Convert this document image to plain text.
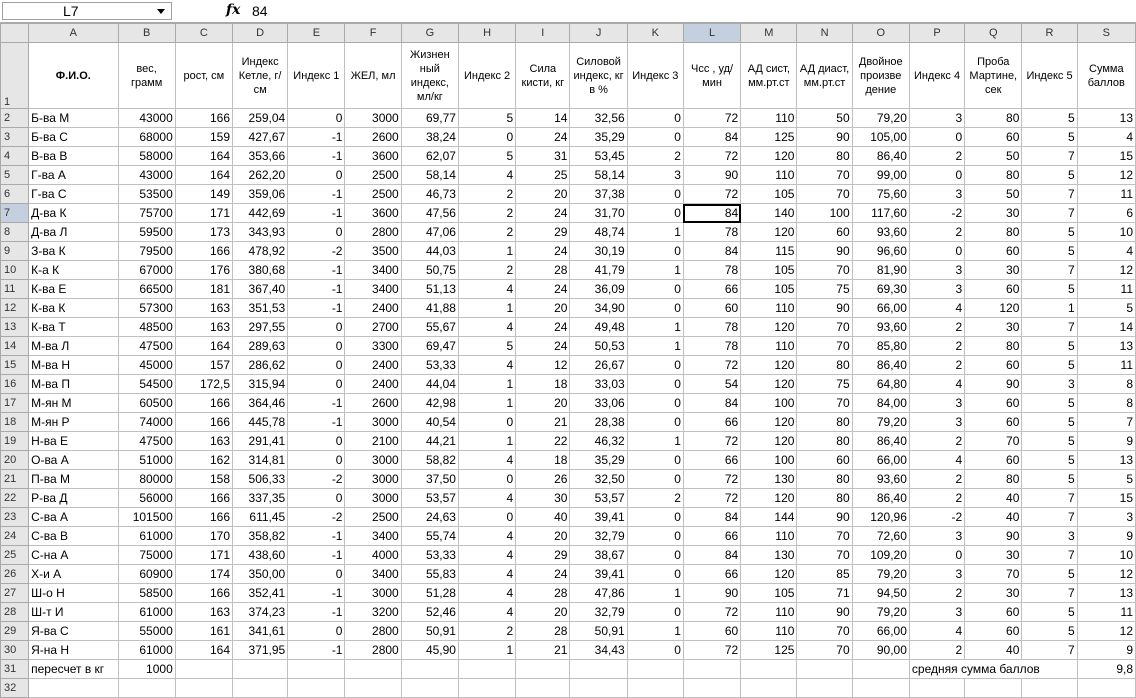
L7	fx 84
	A	B	C	D	E	F	G	H	I	J	K	L	M	N	O	P	Q	R	S
1	Ф.И.О.	вес, грамм	рост, см	Индекс Кетле, г/см	Индекс 1	ЖЕЛ, мл	Жизнен ный индекс, мл/кг	Индекс 2	Сила кисти, кг	Силовой индекс, кг в %	Индекс 3	Чсс , уд/мин	АД сист, мм.рт.ст	АД диаст, мм.рт.ст	Двойное произве дение	Индекс 4	Проба Мартине, сек	Индекс 5	Сумма баллов
2	Б-ва М	43000	166	259,04	0	3000	69,77	5	14	32,56	0	72	110	50	79,20	3	80	5	13
3	Б-ва С	68000	159	427,67	-1	2600	38,24	0	24	35,29	0	84	125	90	105,00	0	60	5	4
4	В-ва В	58000	164	353,66	-1	3600	62,07	5	31	53,45	2	72	120	80	86,40	2	50	7	15
5	Г-ва А	43000	164	262,20	0	2500	58,14	4	25	58,14	3	90	110	70	99,00	0	80	5	12
6	Г-ва С	53500	149	359,06	-1	2500	46,73	2	20	37,38	0	72	105	70	75,60	3	50	7	11
7	Д-ва К	75700	171	442,69	-1	3600	47,56	2	24	31,70	0	84	140	100	117,60	-2	30	7	6
8	Д-ва Л	59500	173	343,93	0	2800	47,06	2	29	48,74	1	78	120	60	93,60	2	80	5	10
9	З-ва К	79500	166	478,92	-2	3500	44,03	1	24	30,19	0	84	115	90	96,60	0	60	5	4
10	К-а К	67000	176	380,68	-1	3400	50,75	2	28	41,79	1	78	105	70	81,90	3	30	7	12
11	К-ва Е	66500	181	367,40	-1	3400	51,13	4	24	36,09	0	66	105	75	69,30	3	60	5	11
12	К-ва К	57300	163	351,53	-1	2400	41,88	1	20	34,90	0	60	110	90	66,00	4	120	1	5
13	К-ва Т	48500	163	297,55	0	2700	55,67	4	24	49,48	1	78	120	70	93,60	2	30	7	14
14	М-ва Л	47500	164	289,63	0	3300	69,47	5	24	50,53	1	78	110	70	85,80	2	80	5	13
15	М-ва Н	45000	157	286,62	0	2400	53,33	4	12	26,67	0	72	120	80	86,40	2	60	5	11
16	М-ва П	54500	172,5	315,94	0	2400	44,04	1	18	33,03	0	54	120	75	64,80	4	90	3	8
17	М-ян М	60500	166	364,46	-1	2600	42,98	1	20	33,06	0	84	100	70	84,00	3	60	5	8
18	М-ян Р	74000	166	445,78	-1	3000	40,54	0	21	28,38	0	66	120	80	79,20	3	60	5	7
19	Н-ва Е	47500	163	291,41	0	2100	44,21	1	22	46,32	1	72	120	80	86,40	2	70	5	9
20	О-ва А	51000	162	314,81	0	3000	58,82	4	18	35,29	0	66	100	60	66,00	4	60	5	13
21	П-ва М	80000	158	506,33	-2	3000	37,50	0	26	32,50	0	72	130	80	93,60	2	80	5	5
22	Р-ва Д	56000	166	337,35	0	3000	53,57	4	30	53,57	2	72	120	80	86,40	2	40	7	15
23	С-ва А	101500	166	611,45	-2	2500	24,63	0	40	39,41	0	84	144	90	120,96	-2	40	7	3
24	С-ва В	61000	170	358,82	-1	3400	55,74	4	20	32,79	0	66	110	70	72,60	3	90	3	9
25	С-на А	75000	171	438,60	-1	4000	53,33	4	29	38,67	0	84	130	70	109,20	0	30	7	10
26	Х-и А	60900	174	350,00	0	3400	55,83	4	24	39,41	0	66	120	85	79,20	3	70	5	12
27	Ш-о Н	58500	166	352,41	-1	3000	51,28	4	28	47,86	1	90	105	71	94,50	2	30	7	13
28	Ш-т И	61000	163	374,23	-1	3200	52,46	4	20	32,79	0	72	110	90	79,20	3	60	5	11
29	Я-ва С	55000	161	341,61	0	2800	50,91	2	28	50,91	1	60	110	70	66,00	4	60	5	12
30	Я-на Н	61000	164	371,95	-1	2800	45,90	1	21	34,43	0	72	125	70	90,00	2	40	7	9
31	пересчет в кг	1000														средняя сумма баллов			9,8
32																			
